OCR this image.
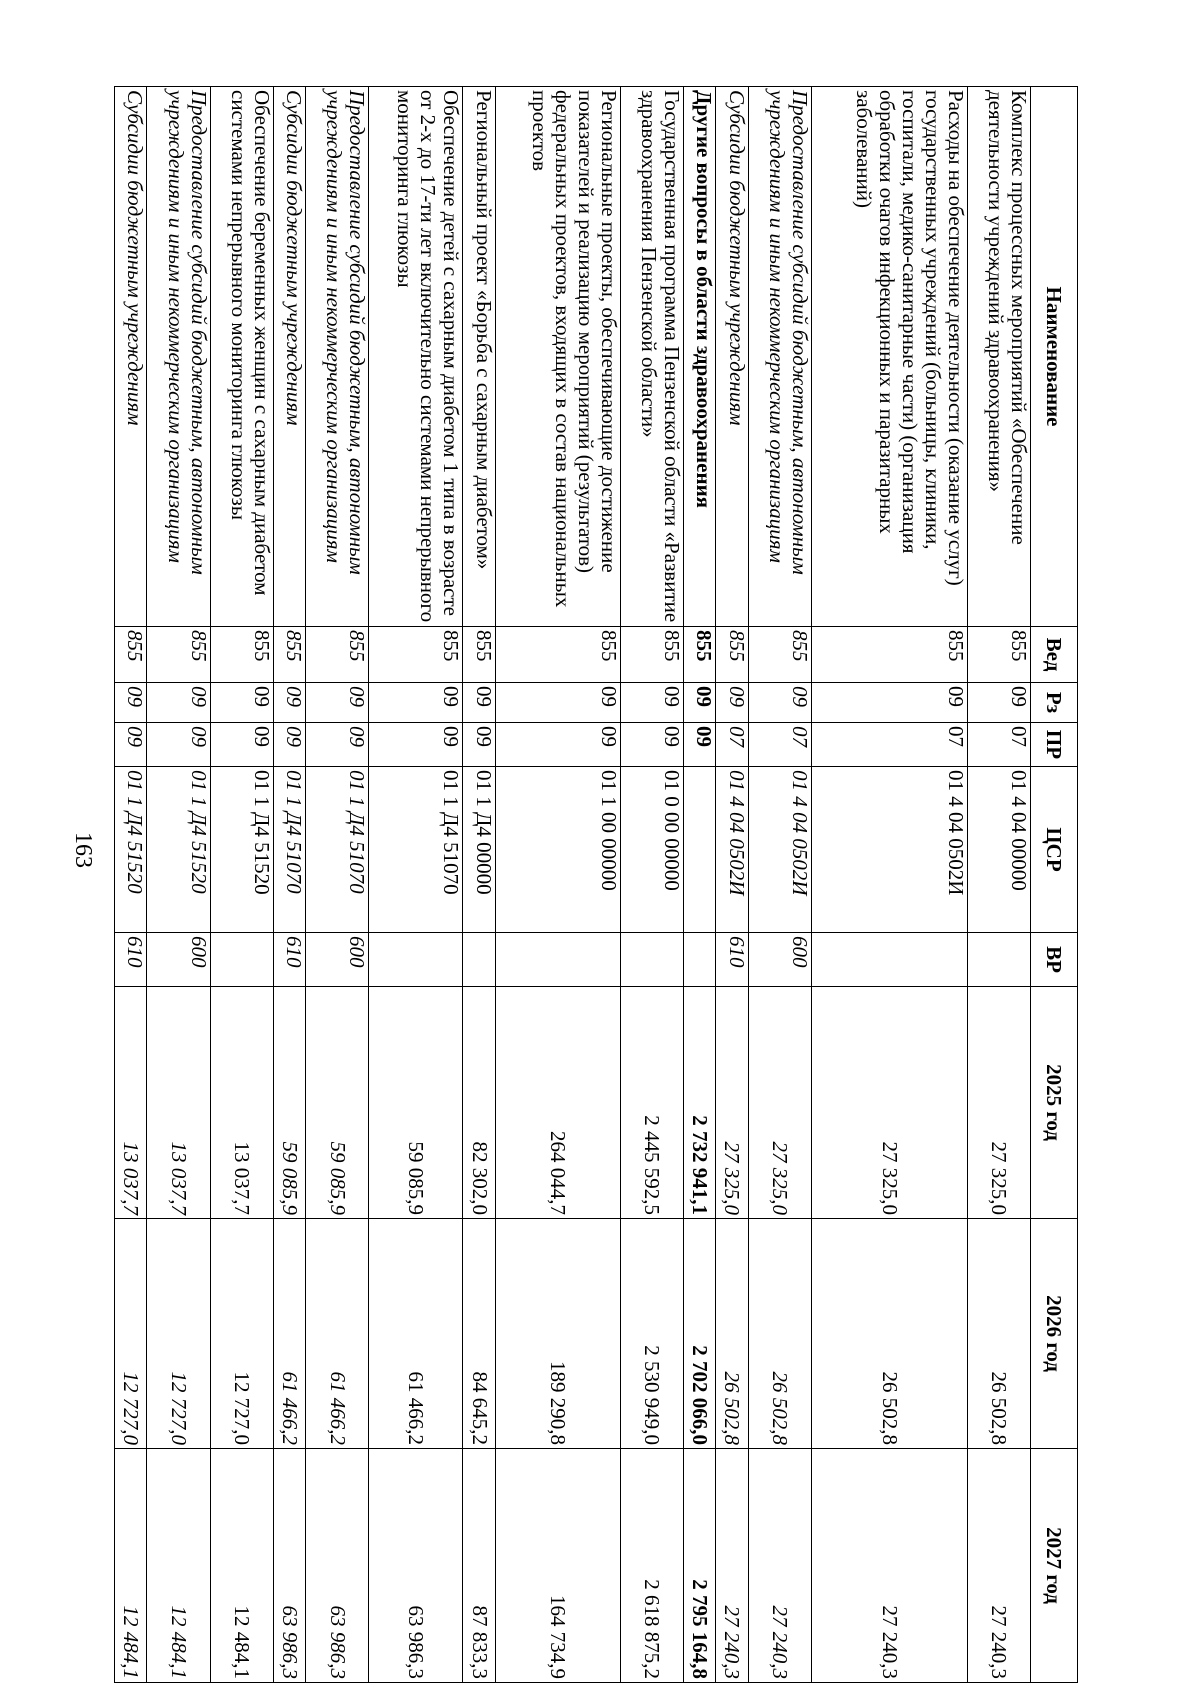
163
Наименование	Вед	Рз	ПР	ЦСР	ВР	2025 год	2026 год	2027 год
Комплекс процессных мероприятий «Обеспечение деятельности учреждений здравоохранения»	855	09	07	01 4 04 00000		27 325,0	26 502,8	27 240,3
Расходы на обеспечение деятельности (оказание услуг) государственных учреждений (больницы, клиники, госпитали, медико-санитарные части) (организация обработки очагов инфекционных и паразитарных заболеваний)	855	09	07	01 4 04 0502И		27 325,0	26 502,8	27 240,3
Предоставление субсидий бюджетным, автономным учреждениям и иным некоммерческим организациям	855	09	07	01 4 04 0502И	600	27 325,0	26 502,8	27 240,3
Субсидии бюджетным учреждениям	855	09	07	01 4 04 0502И	610	27 325,0	26 502,8	27 240,3
Другие вопросы в области здравоохранения	855	09	09			2 732 941,1	2 702 066,0	2 795 164,8
Государственная программа Пензенской области «Развитие здравоохранения Пензенской области»	855	09	09	01 0 00 00000		2 445 592,5	2 530 949,0	2 618 875,2
Региональные проекты, обеспечивающие достижение показателей и реализацию мероприятий (результатов) федеральных проектов, входящих в состав национальных проектов	855	09	09	01 1 00 00000		264 044,7	189 290,8	164 734,9
Региональный проект «Борьба с сахарным диабетом»	855	09	09	01 1 Д4 00000		82 302,0	84 645,2	87 833,3
Обеспечение детей с сахарным диабетом 1 типа в возрасте от 2-х до 17-ти лет включительно системами непрерывного мониторинга глюкозы	855	09	09	01 1 Д4 51070		59 085,9	61 466,2	63 986,3
Предоставление субсидий бюджетным, автономным учреждениям и иным некоммерческим организациям	855	09	09	01 1 Д4 51070	600	59 085,9	61 466,2	63 986,3
Субсидии бюджетным учреждениям	855	09	09	01 1 Д4 51070	610	59 085,9	61 466,2	63 986,3
Обеспечение беременных женщин с сахарным диабетом системами непрерывного мониторинга глюкозы	855	09	09	01 1 Д4 51520		13 037,7	12 727,0	12 484,1
Предоставление субсидий бюджетным, автономным учреждениям и иным некоммерческим организациям	855	09	09	01 1 Д4 51520	600	13 037,7	12 727,0	12 484,1
Субсидии бюджетным учреждениям	855	09	09	01 1 Д4 51520	610	13 037,7	12 727,0	12 484,1
